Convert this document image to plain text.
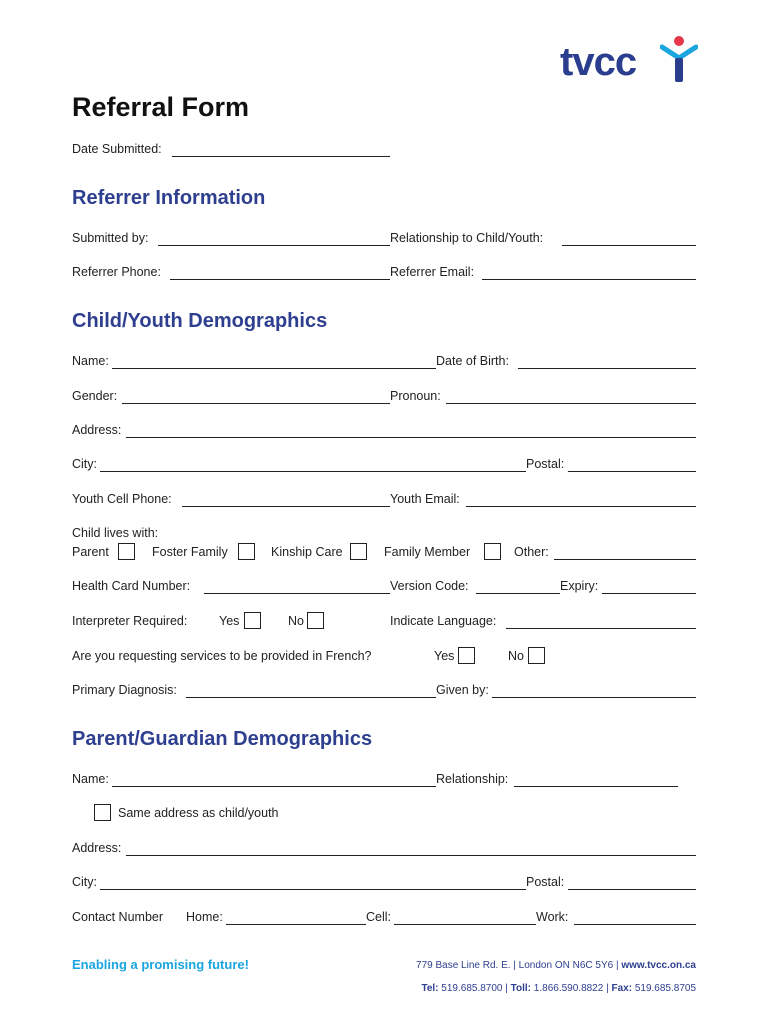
tvcc
Referral Form
Date Submitted:
Referrer Information
Submitted by:	Relationship to Child/Youth:
Referrer Phone:	Referrer Email:
Child/Youth Demographics
Name:	Date of Birth:
Gender:	Pronoun:
Address:
City:	Postal:
Youth Cell Phone:	Youth Email:
Child lives with:
Parent	Foster Family	Kinship Care	Family Member	Other:
Health Card Number:	Version Code:	Expiry:
Interpreter Required:	Yes	No	Indicate Language:
Are you requesting services to be provided in French?	Yes	No
Primary Diagnosis:	Given by:
Parent/Guardian Demographics
Name:	Relationship:
Same address as child/youth
Address:
City:	Postal:
Contact Number Home:	Cell:	Work:
Enabling a promising future!	779 Base Line Rd. E. | London ON N6C 5Y6 | www.tvcc.on.ca
Tel: 519.685.8700 | Toll: 1.866.590.8822 | Fax: 519.685.8705
